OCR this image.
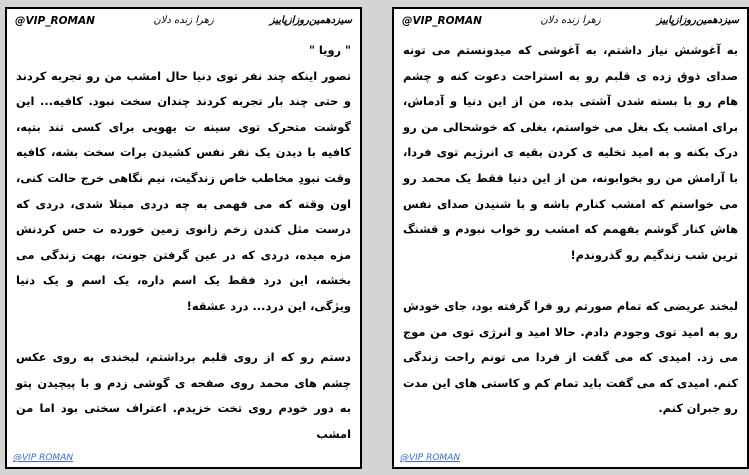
@VIP_ROMAN	زهرا زنده دلان	سیزدهمین‌روزازپاییز

" رویا "

تصور اینکه چند نفر توی دنیا حال امشب من رو تجربه کردند و حتی چند بار تجربه کردند چندان سخت نبود. کافیه... این گوشت متحرک توی سینه ت یهویی برای کسی تند بتپه، کافیه با دیدن یک نفر نفس کشیدن برات سخت بشه، کافیه وقت نبودِ مخاطب خاص زندگیت، نیم نگاهی خرج حالت کنی، اون وقته که می فهمی به چه دردی مبتلا شدی، دردی که درست مثل کندن زخم زانوی زمین خورده ت حس کردنش مزه میده، دردی که در عین گرفتن جونت، بهت زندگی می بخشه، این درد فقط یک اسم داره، یک اسم و یک دنیا ویژگی، این درد... درد عشقه!

دستم رو که از روی قلبم برداشتم، لبخندی به روی عکس چشم های محمد روی صفحه ی گوشی زدم و با پیچیدن پتو به دور خودم روی تخت خزیدم. اعتراف سختی بود اما من امشب

@VIP ROMAN
@VIP_ROMAN	زهرا زنده دلان	سیزدهمین‌روزازپاییز

به آغوشش نیاز داشتم، به آغوشی که میدونستم می تونه صدای ذوق زده ی قلبم رو به استراحت دعوت کنه و چشم هام رو با بسته شدن آشتی بده، من از این دنیا و آدماش، برای امشب یک بغل می خواستم، بغلی که خوشحالی من رو درک بکنه و به امید تخلیه ی کردن بقیه ی انرژیم توی فردا، با آرامش من رو بخوابونه، من از این دنیا فقط یک محمد رو می خواستم که امشب کنارم باشه و با شنیدن صدای نفس هاش کنار گوشم بفهمم که امشب رو خواب نبودم و قشنگ ترین شب زندگیم رو گذروندم!

لبخند عریضی که تمام صورتم رو فرا گرفته بود، جای خودش رو به امید توی وجودم دادم. حالا امید و انرژی توی من موج می زد. امیدی که می گفت از فردا می تونم راحت زندگی کنم. امیدی که می گفت باید تمام کم و کاستی های این مدت رو جبران کنم.

@VIP ROMAN
